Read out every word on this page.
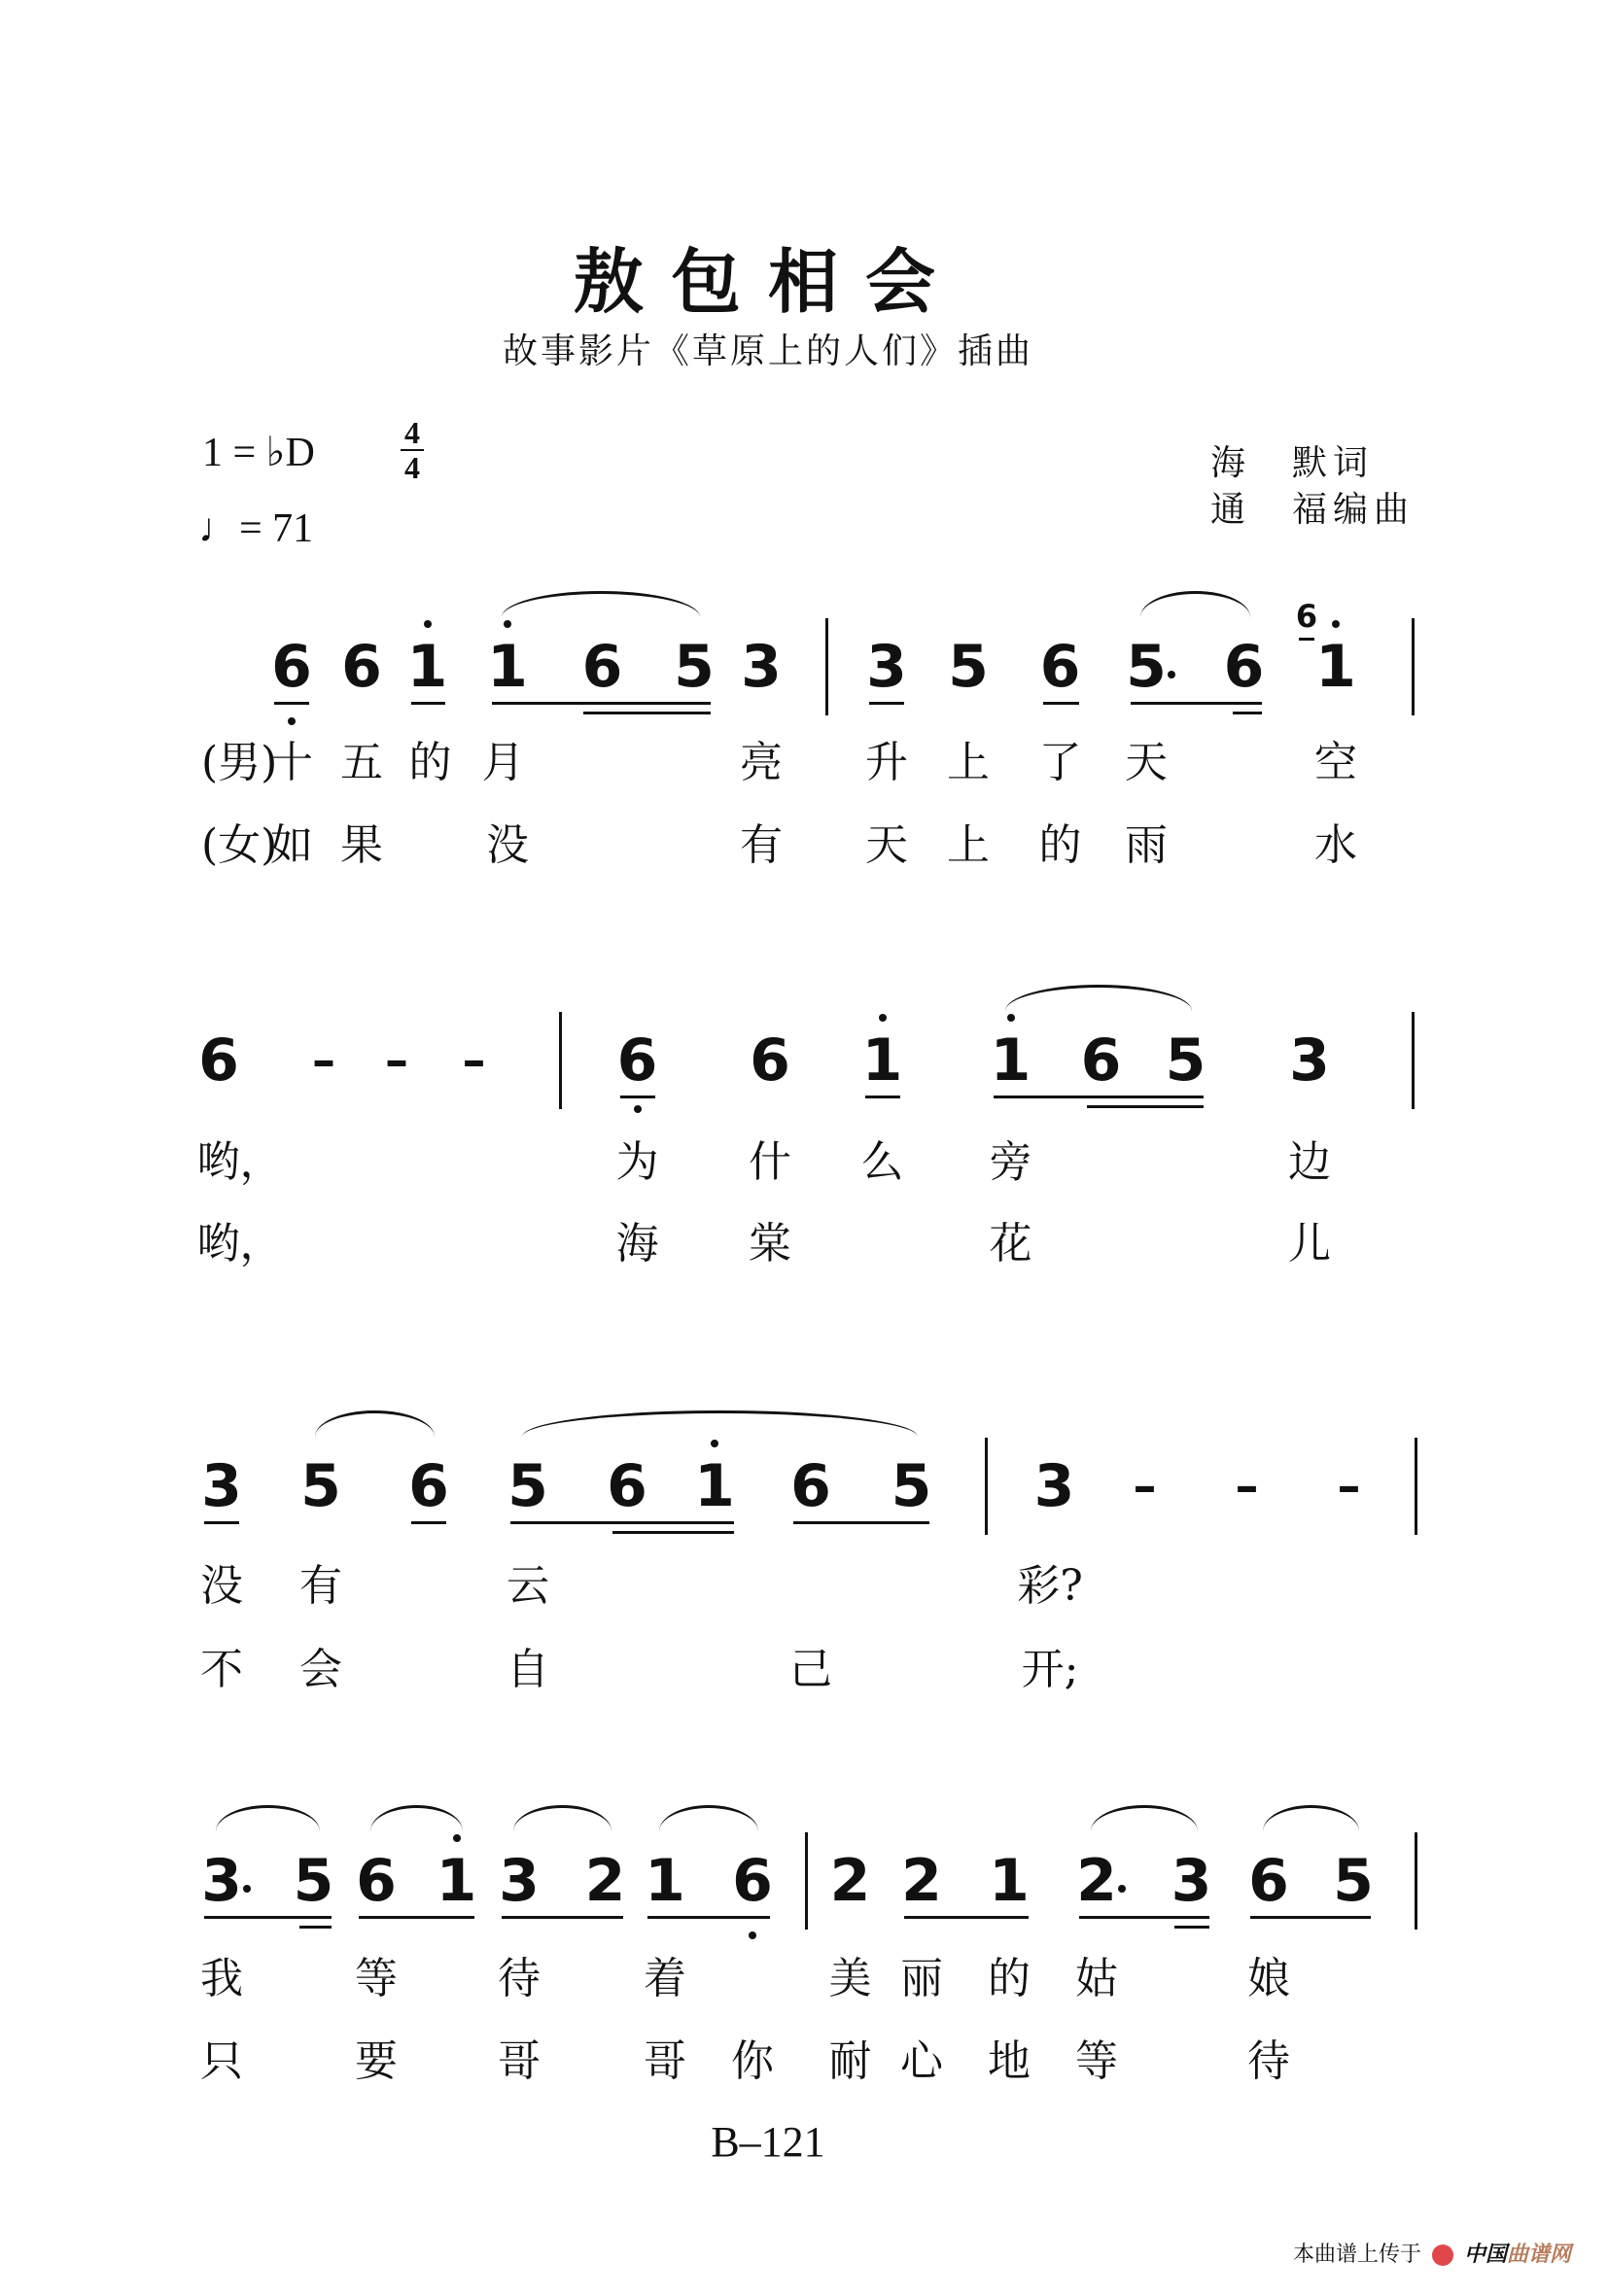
敖包相会
故事影片《草原上的人们》插曲
1 = ♭D	4
4
♩= 71
海　默词
通　福编曲
6 6 1 1 6 5 3 3 5 6 5 6 1
6
(男)
十 五 的 月	亮 升 上 了 天	空
(女)
如 果 没	有 天 上 的 雨	水
6 – – – 6 6 1 1 6 5 3
哟，	为 什 么 旁	边
哟，	海 棠	花	儿
3 5 6 5 6 1 6 5 3 – – –
没 有	云	彩?
不 会	自	己	开;
3 5 6 1 3 2 1 6 2 2 1 2 3 6 5
我	等 待 着	美 丽 的 姑	娘
只	要 哥 哥 你 耐 心 地 等	待
B–121
本曲谱上传于 中国曲谱网
